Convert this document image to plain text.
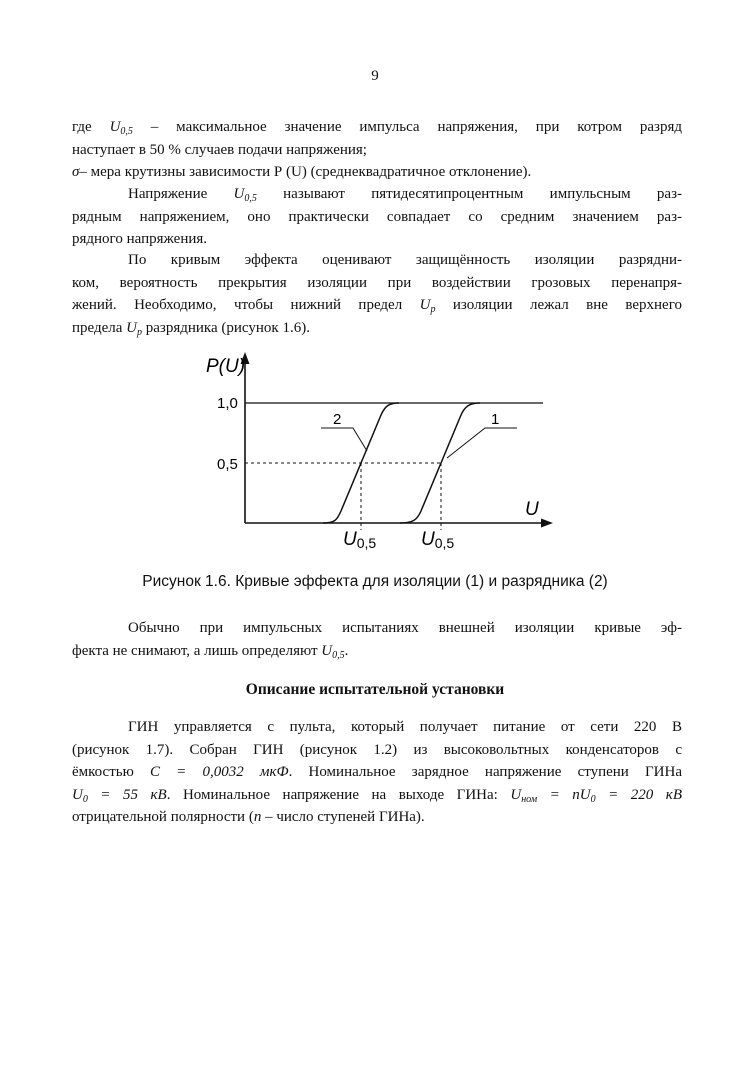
9
где $U_{0,5}$ – максимальное значение импульса напряжения, при котром разряд
наступает в 50 % случаев подачи напряжения;
σ– мера крутизны зависимости Р (U) (среднеквадратичное отклонение).
Напряжение $U_{0,5}$ называют пятидесятипроцентным импульсным раз-
рядным напряжением, оно практически совпадает со средним значением раз-
рядного напряжения.
По кривым эффекта оценивают защищённость изоляции разрядни-
ком, вероятность прекрытия изоляции при воздействии грозовых перенапря-
жений. Необходимо, чтобы нижний предел $U_p$ изоляции лежал вне верхнего
предела $U_p$ разрядника (рисунок 1.6).
P(U)
1,0
0,5
2	1
U
U0,5 U0,5
Рисунок 1.6. Кривые эффекта для изоляции (1) и разрядника (2)
Обычно при импульсных испытаниях внешней изоляции кривые эф-
фекта не снимают, а лишь определяют $U_{0,5}$.
Описание испытательной установки
ГИН управляется с пульта, который получает питание от сети 220 В
(рисунок 1.7). Собран ГИН (рисунок 1.2) из высоковольтных конденсаторов с
ёмкостью С = 0,0032 мкФ. Номинальное зарядное напряжение ступени ГИНа
$U_0 = 55$ кВ. Номинальное напряжение на выходе ГИНа: $U_{ном} = nU_0 = 220$ кВ
отрицательной полярности (n – число ступеней ГИНа).
